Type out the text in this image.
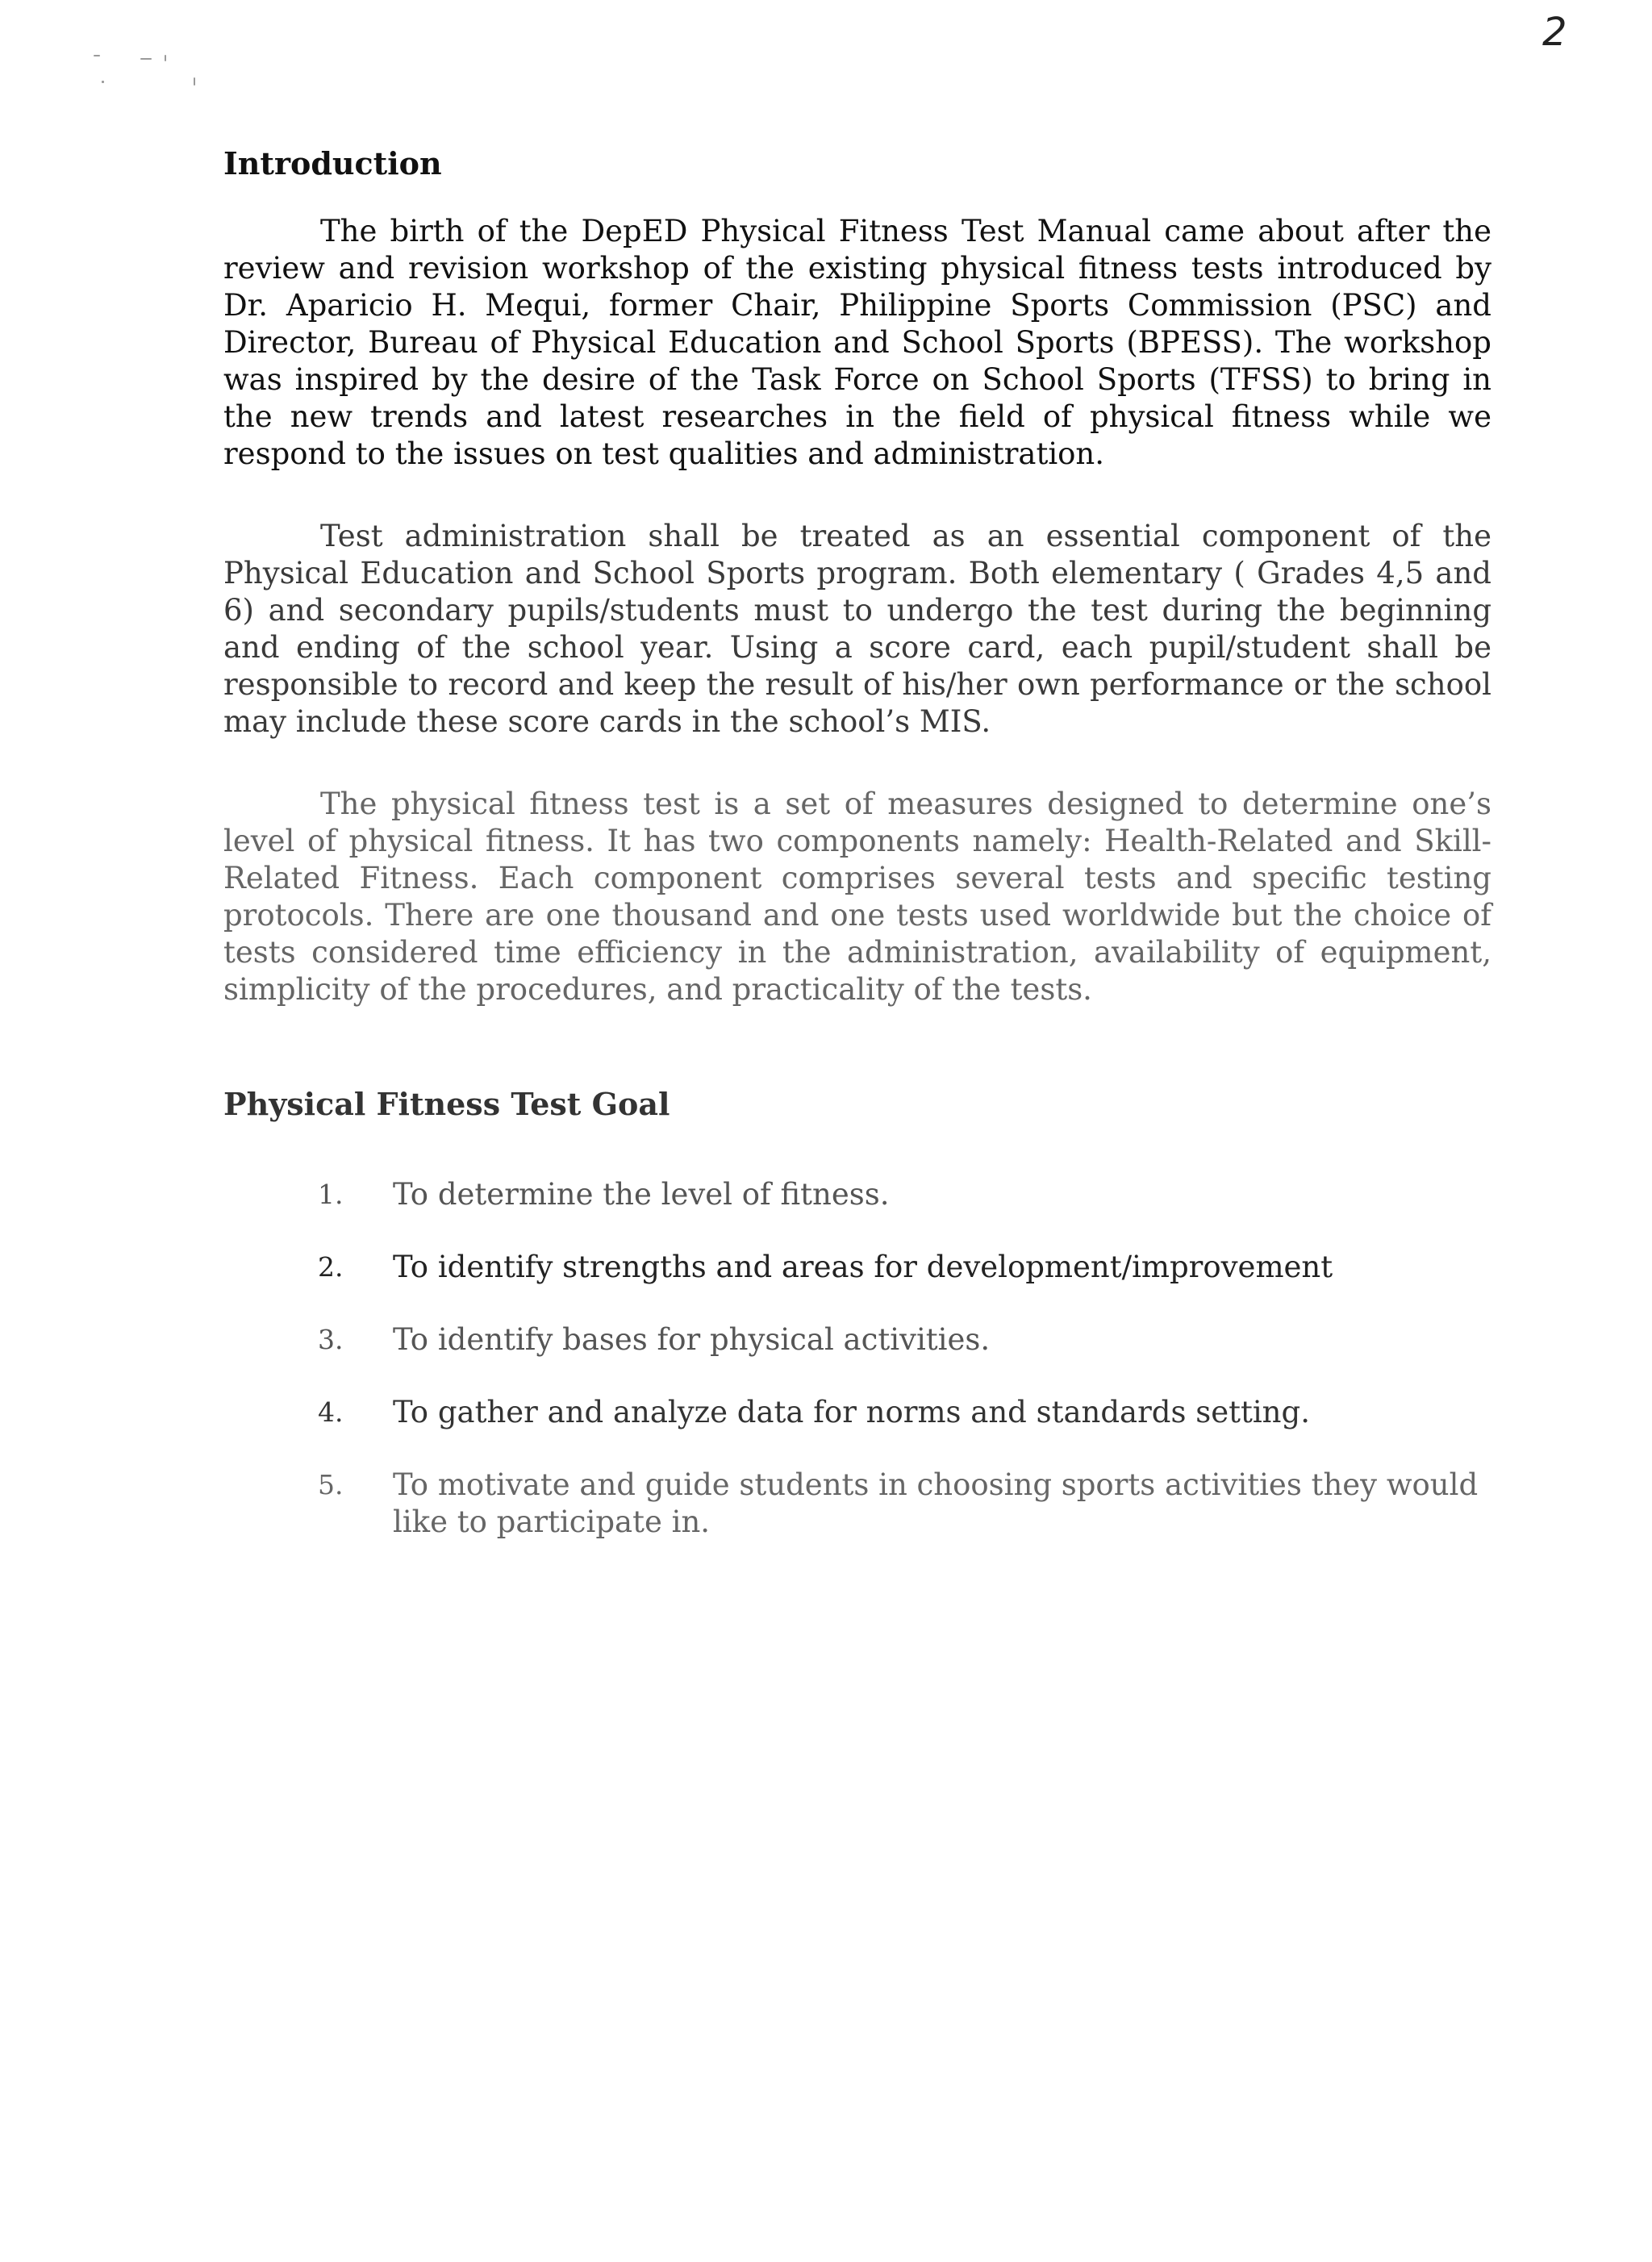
2
Introduction

The birth of the DepED Physical Fitness Test Manual came about after the review and revision workshop of the existing physical fitness tests introduced by Dr. Aparicio H. Mequi, former Chair, Philippine Sports Commission (PSC) and Director, Bureau of Physical Education and School Sports (BPESS). The workshop was inspired by the desire of the Task Force on School Sports (TFSS) to bring in the new trends and latest researches in the field of physical fitness while we respond to the issues on test qualities and administration.

Test administration shall be treated as an essential component of the Physical Education and School Sports program. Both elementary ( Grades 4,5 and 6) and secondary pupils/students must to undergo the test during the beginning and ending of the school year. Using a score card, each pupil/student shall be responsible to record and keep the result of his/her own performance or the school may include these score cards in the school’s MIS.

The physical fitness test is a set of measures designed to determine one’s level of physical fitness. It has two components namely: Health-Related and Skill-Related Fitness. Each component comprises several tests and specific testing protocols. There are one thousand and one tests used worldwide but the choice of tests considered time efficiency in the administration, availability of equipment, simplicity of the procedures, and practicality of the tests.

Physical Fitness Test Goal
1.	To determine the level of fitness.
2.	To identify strengths and areas for development/improvement
3.	To identify bases for physical activities.
4.	To gather and analyze data for norms and standards setting.
5.	To motivate and guide students in choosing sports activities they would like to participate in.
